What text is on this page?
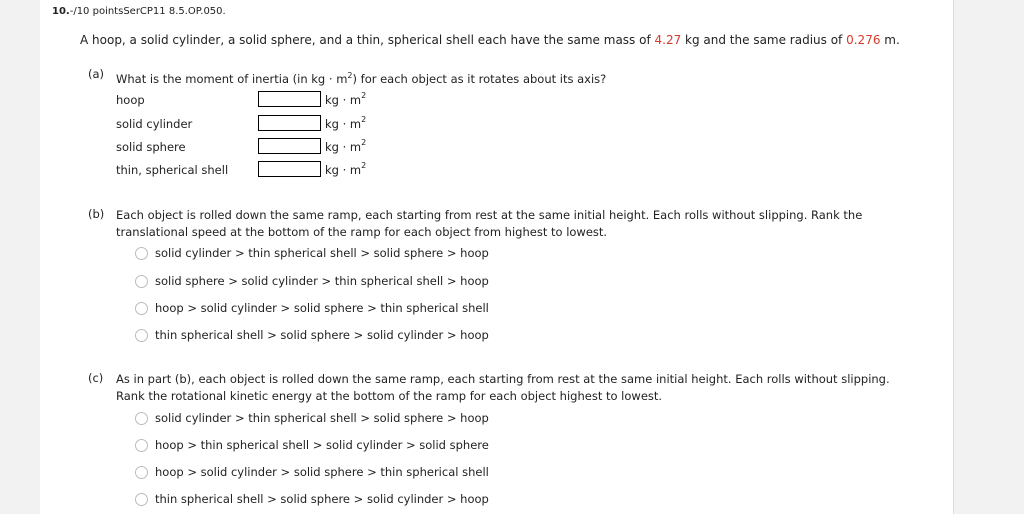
10.-/10 pointsSerCP11 8.5.OP.050.
A hoop, a solid cylinder, a solid sphere, and a thin, spherical shell each have the same mass of 4.27 kg and the same radius of 0.276 m.
(a) What is the moment of inertia (in kg · $m^2$) for each object as it rotates about its axis?
hoop	kg · $m^2$
solid cylinder	kg · $m^2$
solid sphere	kg · $m^2$
thin, spherical shell	kg · $m^2$
(b) Each object is rolled down the same ramp, each starting from rest at the same initial height. Each rolls without slipping. Rank the
translational speed at the bottom of the ramp for each object from highest to lowest.
solid cylinder > thin spherical shell > solid sphere > hoop
solid sphere > solid cylinder > thin spherical shell > hoop
hoop > solid cylinder > solid sphere > thin spherical shell
thin spherical shell > solid sphere > solid cylinder > hoop
(c) As in part (b), each object is rolled down the same ramp, each starting from rest at the same initial height. Each rolls without slipping.
Rank the rotational kinetic energy at the bottom of the ramp for each object highest to lowest.
solid cylinder > thin spherical shell > solid sphere > hoop
hoop > thin spherical shell > solid cylinder > solid sphere
hoop > solid cylinder > solid sphere > thin spherical shell
thin spherical shell > solid sphere > solid cylinder > hoop
